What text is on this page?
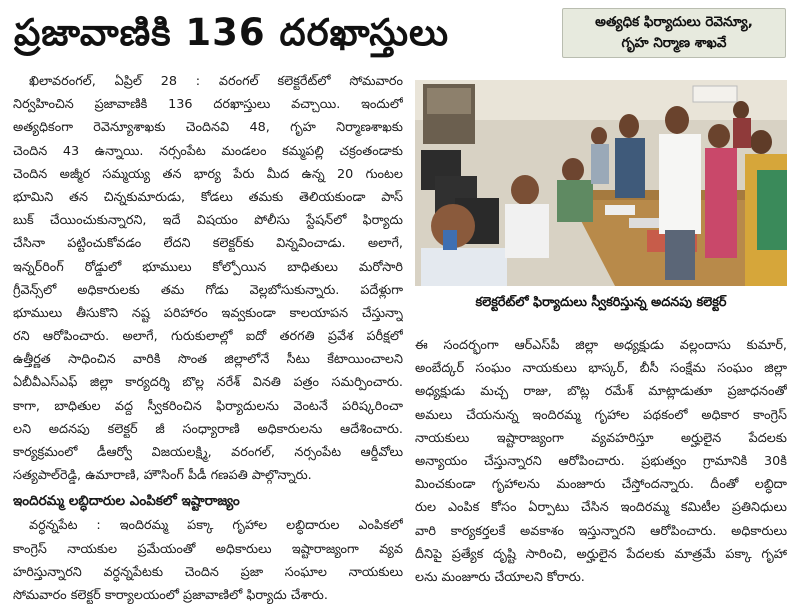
ప్రజావాణికి 136 దరఖాస్తులు	అత్యధిక ఫిర్యాదులు రెవెన్యూ,
గృహ నిర్మాణ శాఖవే
ఖిలావరంగల్, ఏప్రిల్ 28 : వరంగల్ కలెక్టరేట్‌లో సోమవారం
నిర్వహించిన ప్రజావాణికి 136 దరఖాస్తులు వచ్చాయి. ఇందులో
అత్యధికంగా రెవెన్యూశాఖకు చెందినవి 48, గృహ నిర్మాణశాఖకు
చెందిన 43 ఉన్నాయి. నర్సంపేట మండలం కమ్మపల్లి చక్రంతండాకు
చెందిన అజ్మీర సమ్మయ్య తన భార్య పేరు మీద ఉన్న 20 గుంటల
భూమిని తన చిన్నకుమారుడు, కోడలు తమకు తెలియకుండా పాస్
బుక్ చేయించుకున్నారని, ఇదే విషయం పోలీసు స్టేషన్‌లో ఫిర్యాదు
చేసినా పట్టించుకోవడం లేదని కలెక్టర్‌కు విన్నవించాడు. అలాగే,
ఇన్నర్‌రింగ్ రోడ్డులో భూములు కోల్పోయిన బాధితులు మరోసారి
గ్రీవెన్స్‌లో అధికారులకు తమ గోడు వెల్లబోసుకున్నారు. పదేళ్లుగా
భూములు తీసుకొని నష్ట పరిహారం ఇవ్వకుండా కాలయాపన చేస్తున్నా
రని ఆరోపించారు. అలాగే, గురుకులాల్లో ఐదో తరగతి ప్రవేశ పరీక్షలో
ఉత్తీర్ణత సాధించిన వారికి సొంత జిల్లాలోనే సీటు కేటాయించాలని
ఏబీవీఎస్‌ఎఫ్ జిల్లా కార్యదర్శి బొల్ల నరేశ్ వినతి పత్రం సమర్పించారు.
కాగా, బాధితుల వద్ద స్వీకరించిన ఫిర్యాదులను వెంటనే పరిష్కరించా
లని అదనపు కలెక్టర్ జీ సంధ్యారాణి అధికారులను ఆదేశించారు.
కార్యక్రమంలో డీఆర్వో విజయలక్ష్మి, వరంగల్, నర్సంపేట ఆర్డీవోలు
సత్యపాల్‌రెడ్డి, ఉమారాణి, హౌసింగ్ పీడీ గణపతి పాల్గొన్నారు.
ఇందిరమ్మ లబ్ధిదారుల ఎంపికలో ఇష్టారాజ్యం
వర్ధన్నపేట : ఇందిరమ్మ పక్కా గృహాల లబ్ధిదారుల ఎంపికలో
కాంగ్రెస్ నాయకుల ప్రమేయంతో అధికారులు ఇష్టారాజ్యంగా వ్యవ
హరిస్తున్నారని వర్ధన్నపేటకు చెందిన ప్రజా సంఘాల నాయకులు
సోమవారం కలెక్టర్ కార్యాలయంలో ప్రజావాణిలో ఫిర్యాదు చేశారు.
కలెక్టరేట్‌లో ఫిర్యాదులు స్వీకరిస్తున్న అదనపు కలెక్టర్
ఈ సందర్భంగా ఆర్‌ఎస్‌పీ జిల్లా అధ్యక్షుడు వల్లందాసు కుమార్,
అంబేద్కర్ సంఘం నాయకులు భాస్కర్, బీసీ సంక్షేమ సంఘం జిల్లా
అధ్యక్షుడు మచ్చ రాజు, బొట్ల రమేశ్ మాట్లాడుతూ ప్రజాధనంతో
అమలు చేయనున్న ఇందిరమ్మ గృహాల పథకంలో అధికార కాంగ్రెస్
నాయకులు ఇష్టారాజ్యంగా వ్యవహరిస్తూ అర్హులైన పేదలకు
అన్యాయం చేస్తున్నారని ఆరోపించారు. ప్రభుత్వం గ్రామానికి 30కి
మించకుండా గృహాలను మంజూరు చేస్తోందన్నారు. దీంతో లబ్ధిదా
రుల ఎంపిక కోసం ఏర్పాటు చేసిన ఇందిరమ్మ కమిటీల ప్రతినిధులు
వారి కార్యకర్తలకే అవకాశం ఇస్తున్నారని ఆరోపించారు. అధికారులు
దీనిపై ప్రత్యేక దృష్టి సారించి, అర్హులైన పేదలకు మాత్రమే పక్కా గృహా
లను మంజూరు చేయాలని కోరారు.
